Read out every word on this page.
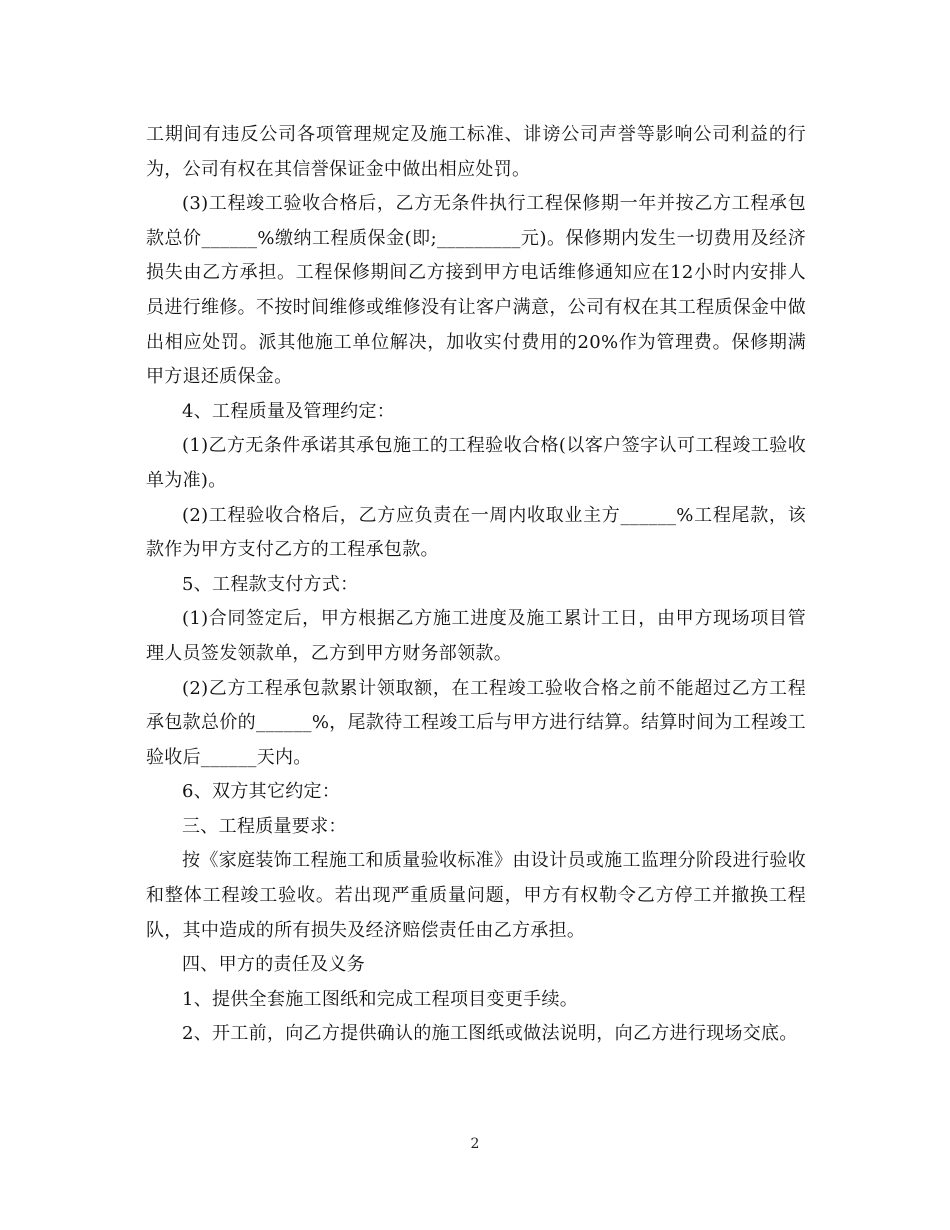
工期间有违反公司各项管理规定及施工标准、诽谤公司声誉等影响公司利益的行为，公司有权在其信誉保证金中做出相应处罚。

(3)工程竣工验收合格后，乙方无条件执行工程保修期一年并按乙方工程承包款总价______%缴纳工程质保金(即;_________元)。保修期内发生一切费用及经济损失由乙方承担。工程保修期间乙方接到甲方电话维修通知应在12小时内安排人员进行维修。不按时间维修或维修没有让客户满意，公司有权在其工程质保金中做出相应处罚。派其他施工单位解决，加收实付费用的20%作为管理费。保修期满甲方退还质保金。

4、工程质量及管理约定：

(1)乙方无条件承诺其承包施工的工程验收合格(以客户签字认可工程竣工验收单为准)。

(2)工程验收合格后，乙方应负责在一周内收取业主方______%工程尾款，该款作为甲方支付乙方的工程承包款。

5、工程款支付方式：

(1)合同签定后，甲方根据乙方施工进度及施工累计工日，由甲方现场项目管理人员签发领款单，乙方到甲方财务部领款。

(2)乙方工程承包款累计领取额，在工程竣工验收合格之前不能超过乙方工程承包款总价的______%，尾款待工程竣工后与甲方进行结算。结算时间为工程竣工验收后______天内。

6、双方其它约定：

三、工程质量要求：

按《家庭装饰工程施工和质量验收标准》由设计员或施工监理分阶段进行验收和整体工程竣工验收。若出现严重质量问题，甲方有权勒令乙方停工并撤换工程队，其中造成的所有损失及经济赔偿责任由乙方承担。

四、甲方的责任及义务

1、提供全套施工图纸和完成工程项目变更手续。

2、开工前，向乙方提供确认的施工图纸或做法说明，向乙方进行现场交底。

2
